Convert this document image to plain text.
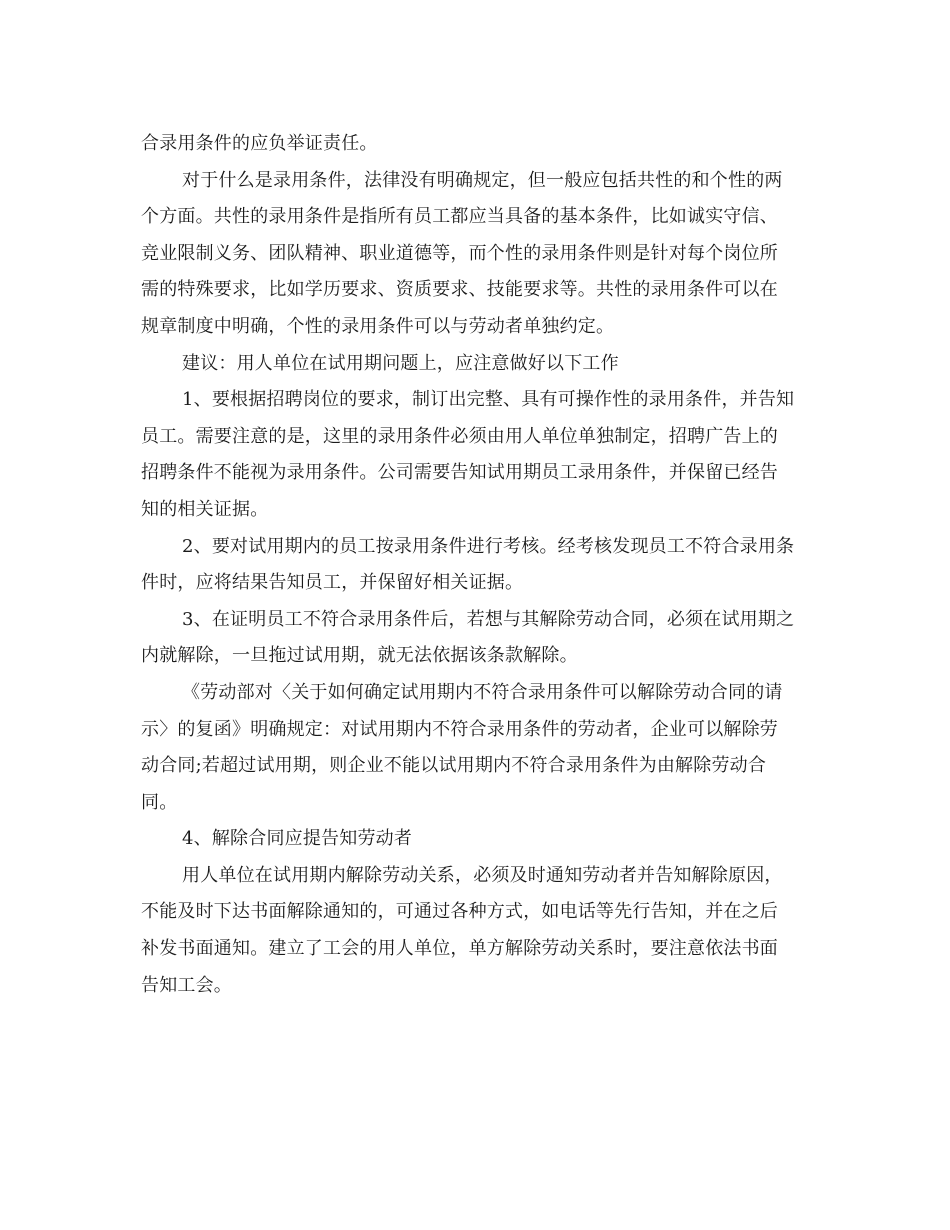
合录用条件的应负举证责任。
对于什么是录用条件，法律没有明确规定，但一般应包括共性的和个性的两
个方面。共性的录用条件是指所有员工都应当具备的基本条件，比如诚实守信、
竞业限制义务、团队精神、职业道德等，而个性的录用条件则是针对每个岗位所
需的特殊要求，比如学历要求、资质要求、技能要求等。共性的录用条件可以在
规章制度中明确，个性的录用条件可以与劳动者单独约定。
建议：用人单位在试用期问题上，应注意做好以下工作
1、要根据招聘岗位的要求，制订出完整、具有可操作性的录用条件，并告知
员工。需要注意的是，这里的录用条件必须由用人单位单独制定，招聘广告上的
招聘条件不能视为录用条件。公司需要告知试用期员工录用条件，并保留已经告
知的相关证据。
2、要对试用期内的员工按录用条件进行考核。经考核发现员工不符合录用条
件时，应将结果告知员工，并保留好相关证据。
3、在证明员工不符合录用条件后，若想与其解除劳动合同，必须在试用期之
内就解除，一旦拖过试用期，就无法依据该条款解除。
《劳动部对〈关于如何确定试用期内不符合录用条件可以解除劳动合同的请
示〉的复函》明确规定：对试用期内不符合录用条件的劳动者，企业可以解除劳
动合同;若超过试用期，则企业不能以试用期内不符合录用条件为由解除劳动合
同。
4、解除合同应提告知劳动者
用人单位在试用期内解除劳动关系，必须及时通知劳动者并告知解除原因，
不能及时下达书面解除通知的，可通过各种方式，如电话等先行告知，并在之后
补发书面通知。建立了工会的用人单位，单方解除劳动关系时，要注意依法书面
告知工会。
